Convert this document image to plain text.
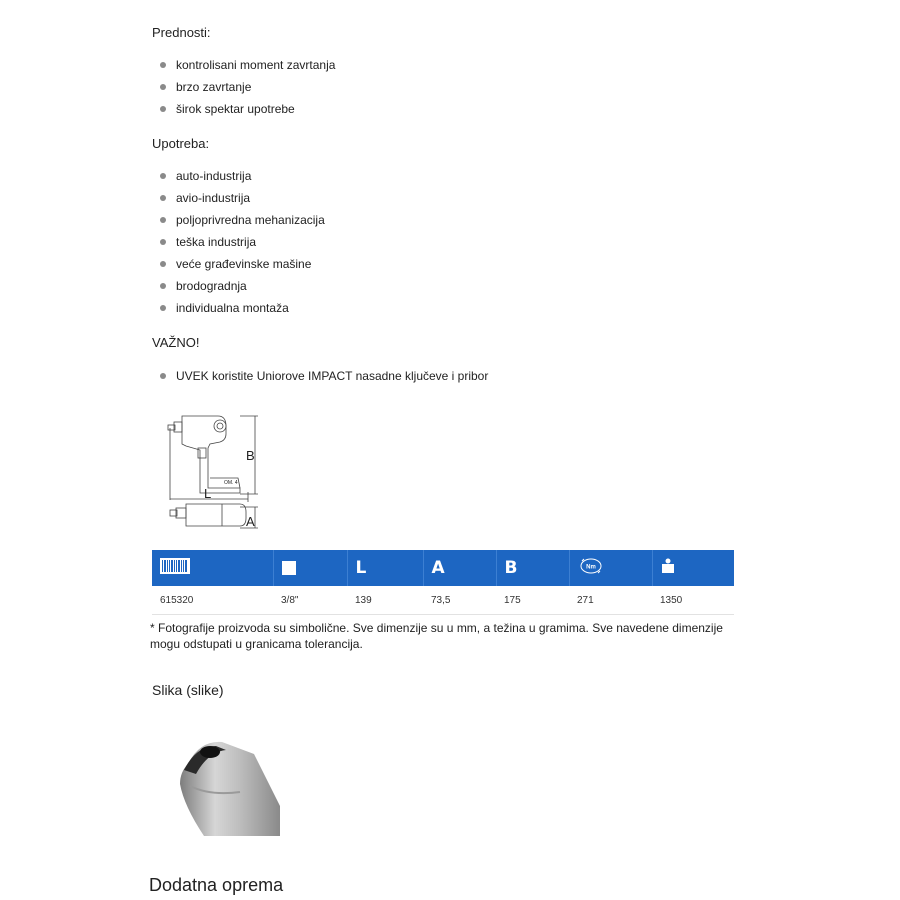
Prednosti:
kontrolisani moment zavrtanja
brzo zavrtanje
širok spektar upotrebe
Upotreba:
auto-industrija
avio-industrija
poljoprivredna mehanizacija
teška industrija
veće građevinske mašine
brodogradnja
individualna montaža
VAŽNO!
UVEK koristite Uniorove IMPACT nasadne ključeve i pribor
B
L
A
OM. 4
		L	A	B	Nm

615320	3/8"	139	73,5	175	271	1350
* Fotografije proizvoda su simbolične. Sve dimenzije su u mm, a težina u gramima. Sve navedene dimenzije mogu odstupati u granicama tolerancija.
Slika (slike)
Dodatna oprema
